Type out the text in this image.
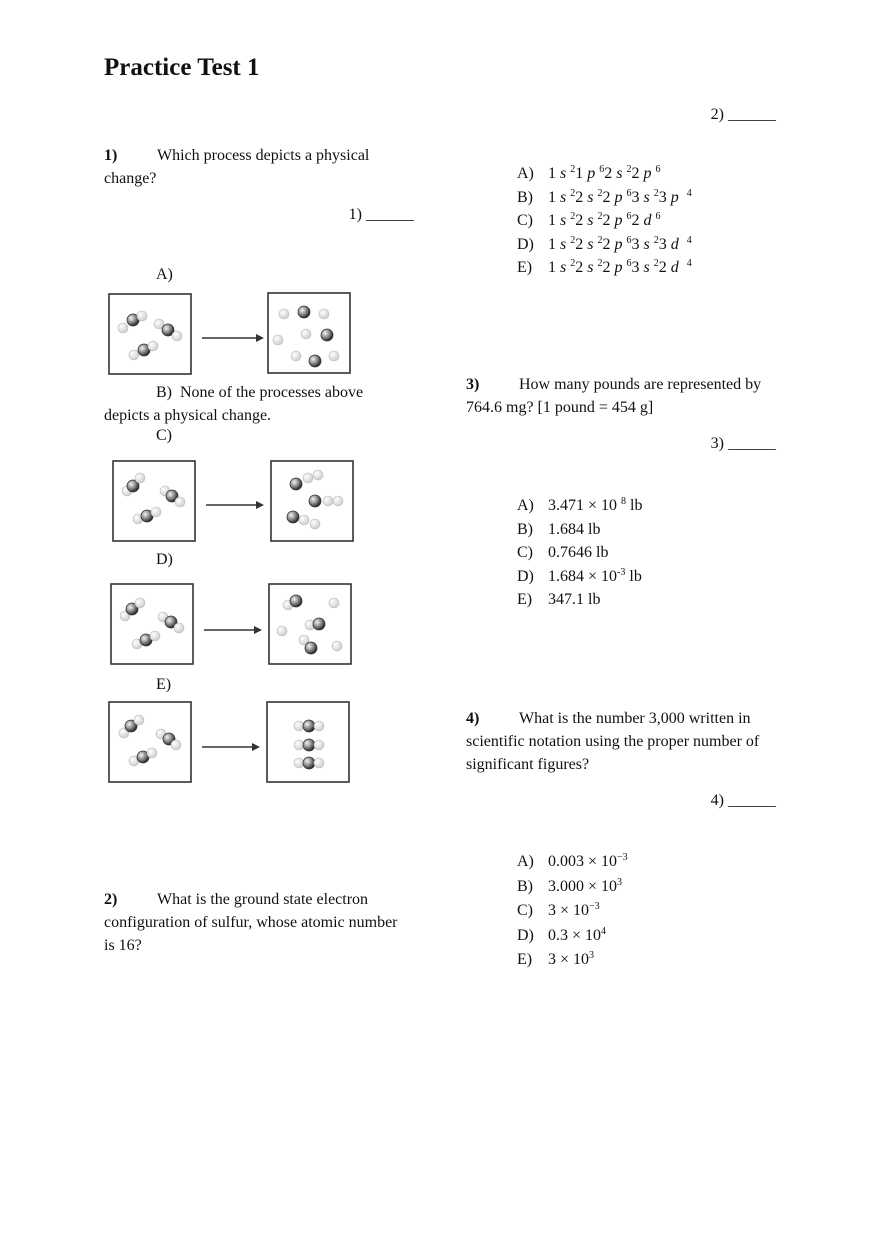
Practice Test 1
1) Which process depicts a physical change?
1) ______
A)
B) None of the processes above depicts a physical change.
C)
D)
E)
2) What is the ground state electron configuration of sulfur, whose atomic number is 16?
2) ______
A) 1 s $^2$1 p $^6$2 s $^2$2 p $^6$
B) 1 s $^2$2 s $^2$2 p $^6$3 s $^2$3 p $^4$
C) 1 s $^2$2 s $^2$2 p $^6$2 d $^6$
D) 1 s $^2$2 s $^2$2 p $^6$3 s $^2$3 d $^4$
E) 1 s $^2$2 s $^2$2 p $^6$3 s $^2$2 d $^4$
3) How many pounds are represented by 764.6 mg? [1 pound = 454 g]
3) ______
A) 3.471 × 10 $^8$ lb
B) 1.684 lb
C) 0.7646 lb
D) $1.684 \times 10^{-3}$ lb
E) 347.1 lb
4) What is the number 3,000 written in scientific notation using the proper number of significant figures?
4) ______
A) $0.003 \times 10^{-3}$
B) $3.000 \times 10^3$
C) $3 \times 10^{-3}$
D) $0.3 \times 10^4$
E) $3 \times 10^3$
